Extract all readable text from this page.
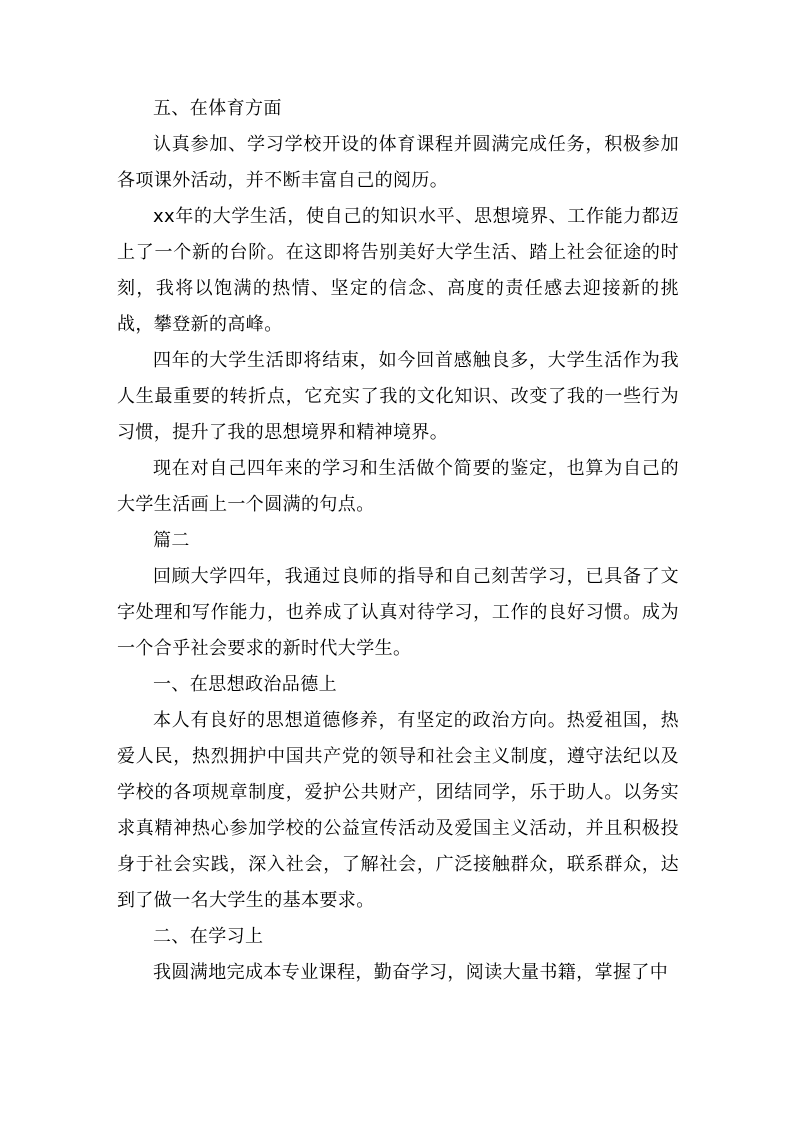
五、在体育方面

认真参加、学习学校开设的体育课程并圆满完成任务，积极参加各项课外活动，并不断丰富自己的阅历。

xx年的大学生活，使自己的知识水平、思想境界、工作能力都迈上了一个新的台阶。在这即将告别美好大学生活、踏上社会征途的时刻，我将以饱满的热情、坚定的信念、高度的责任感去迎接新的挑战，攀登新的高峰。

四年的大学生活即将结束，如今回首感触良多，大学生活作为我人生最重要的转折点，它充实了我的文化知识、改变了我的一些行为习惯，提升了我的思想境界和精神境界。

现在对自己四年来的学习和生活做个简要的鉴定，也算为自己的大学生活画上一个圆满的句点。

篇二

回顾大学四年，我通过良师的指导和自己刻苦学习，已具备了文字处理和写作能力，也养成了认真对待学习，工作的良好习惯。成为一个合乎社会要求的新时代大学生。

一、在思想政治品德上

本人有良好的思想道德修养，有坚定的政治方向。热爱祖国，热爱人民，热烈拥护中国共产党的领导和社会主义制度，遵守法纪以及学校的各项规章制度，爱护公共财产，团结同学，乐于助人。以务实求真精神热心参加学校的公益宣传活动及爱国主义活动，并且积极投身于社会实践，深入社会，了解社会，广泛接触群众，联系群众，达到了做一名大学生的基本要求。

二、在学习上

我圆满地完成本专业课程，勤奋学习，阅读大量书籍，掌握了中
